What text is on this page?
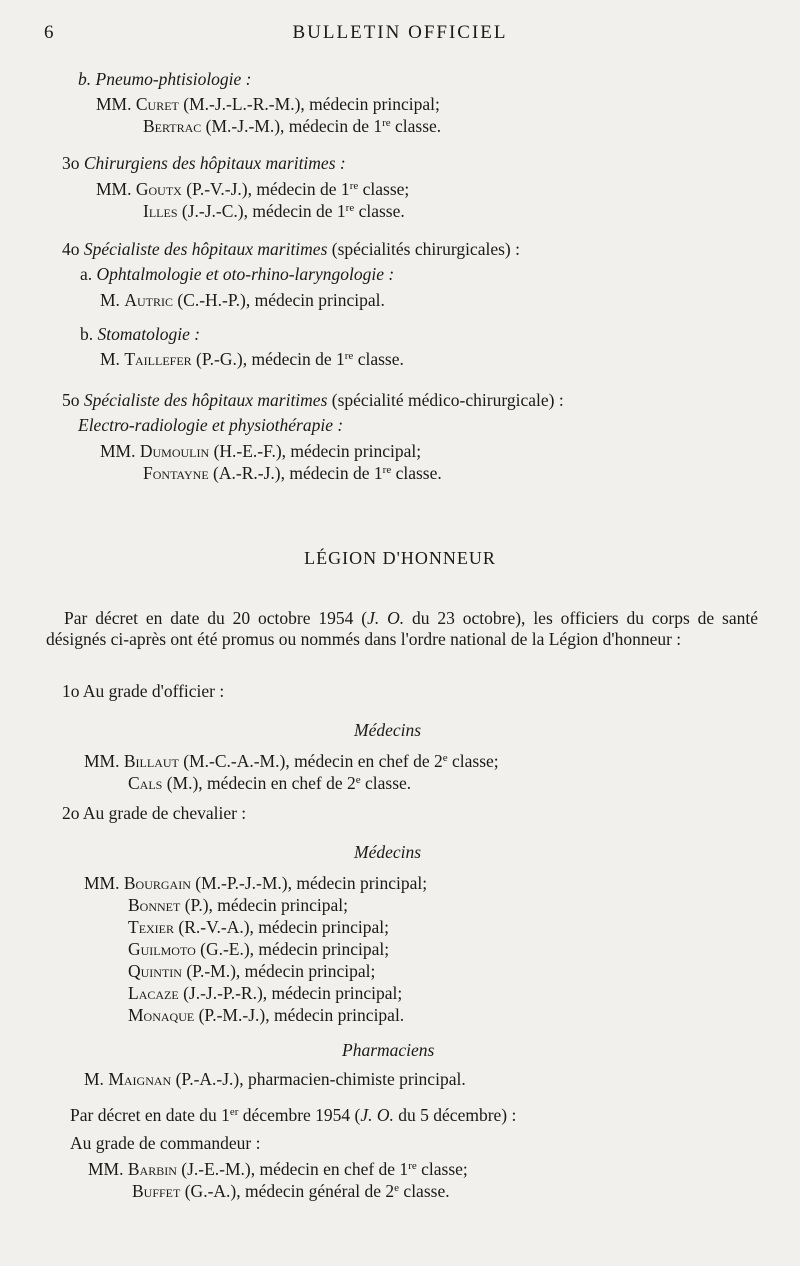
6	BULLETIN OFFICIEL
b. Pneumo-phtisiologie :
MM. Curet (M.-J.-L.-R.-M.), médecin principal;
Bertrac (M.-J.-M.), médecin de 1re classe.
3o Chirurgiens des hôpitaux maritimes :
MM. Goutx (P.-V.-J.), médecin de 1re classe;
Illes (J.-J.-C.), médecin de 1re classe.
4o Spécialiste des hôpitaux maritimes (spécialités chirurgicales) :
a. Ophtalmologie et oto-rhino-laryngologie :
M. Autric (C.-H.-P.), médecin principal.
b. Stomatologie :
M. Taillefer (P.-G.), médecin de 1re classe.
5o Spécialiste des hôpitaux maritimes (spécialité médico-chirurgicale) :
Electro-radiologie et physiothérapie :
MM. Dumoulin (H.-E.-F.), médecin principal;
Fontayne (A.-R.-J.), médecin de 1re classe.
LÉGION D'HONNEUR
Par décret en date du 20 octobre 1954 (J. O. du 23 octobre), les officiers du corps de santé désignés ci-après ont été promus ou nommés dans l'ordre national de la Légion d'honneur :
1o Au grade d'officier :
Médecins
MM. Billaut (M.-C.-A.-M.), médecin en chef de 2e classe;
Cals (M.), médecin en chef de 2e classe.
2o Au grade de chevalier :
Médecins
MM. Bourgain (M.-P.-J.-M.), médecin principal;
Bonnet (P.), médecin principal;
Texier (R.-V.-A.), médecin principal;
Guilmoto (G.-E.), médecin principal;
Quintin (P.-M.), médecin principal;
Lacaze (J.-J.-P.-R.), médecin principal;
Monaque (P.-M.-J.), médecin principal.
Pharmaciens
M. Maignan (P.-A.-J.), pharmacien-chimiste principal.
Par décret en date du 1er décembre 1954 (J. O. du 5 décembre) :
Au grade de commandeur :
MM. Barbin (J.-E.-M.), médecin en chef de 1re classe;
Buffet (G.-A.), médecin général de 2e classe.
